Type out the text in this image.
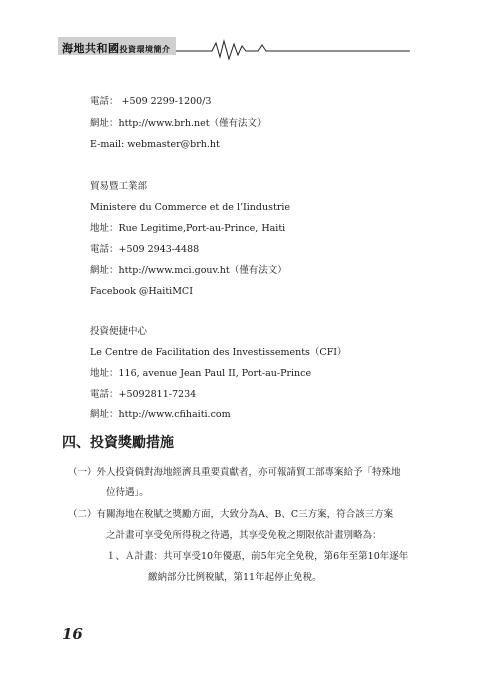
海地共和國投資環境簡介
電話： +509 2299-1200/3
網址：http://www.brh.net（僅有法文）
E-mail: webmaster@brh.ht
貿易暨工業部
Ministere du Commerce et de l’Iindustrie
地址：Rue Legitime,Port-au-Prince, Haiti
電話：+509 2943-4488
網址：http://www.mci.gouv.ht（僅有法文）
Facebook @HaitiMCI
投資便捷中心
Le Centre de Facilitation des Investissements（CFI）
地址：116, avenue Jean Paul II, Port-au-Prince
電話：+5092811-7234
網址：http://www.cfihaiti.com
四、投資獎勵措施
（一）外人投資倘對海地經濟具重要貢獻者，亦可報請貿工部專案給予「特殊地
位待遇」。
（二）有關海地在稅賦之獎勵方面，大致分為A、B、C三方案，符合該三方案
之計畫可享受免所得稅之待遇，其享受免稅之期限依計畫別略為：
１、Ａ計畫：共可享受10年優惠，前5年完全免稅，第6年至第10年逐年
繳納部分比例稅賦，第11年起停止免稅。
16
